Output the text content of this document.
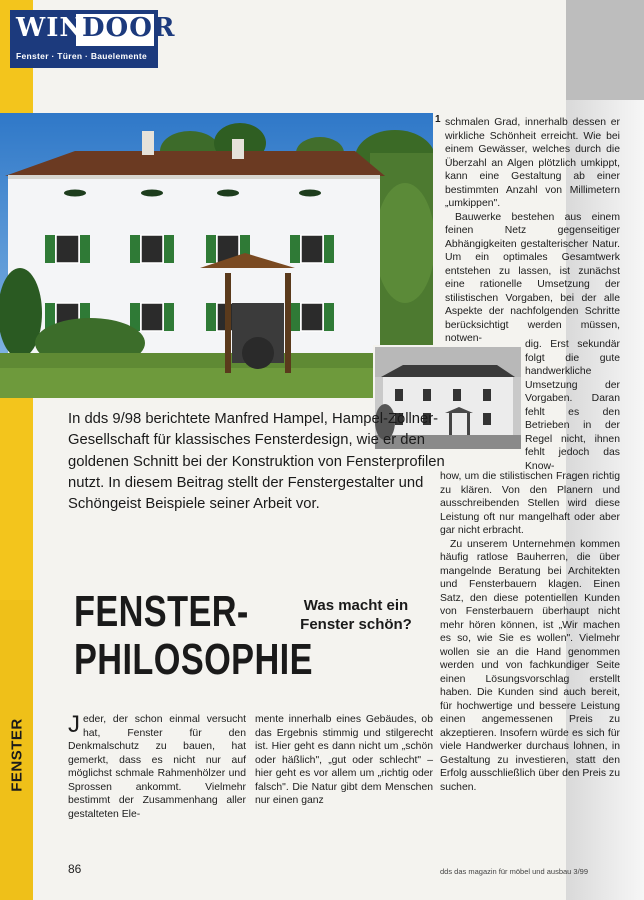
FENSTER
WIN
DOOR
Fenster · Türen · Bauelemente
In dds 9/98 berichtete Manfred Hampel, Hampel-Zöllner-Gesellschaft für klassisches Fensterdesign, wie er den goldenen Schnitt bei der Konstruktion von Fensterprofilen nutzt. In diesem Beitrag stellt der Fenstergestalter und Schöngeist Beispiele seiner Arbeit vor.
FENSTER-
PHILOSOPHIE
Was macht ein Fenster schön?

Jeder, der schon einmal versucht hat, Fenster für den Denkmalschutz zu bauen, hat gemerkt, dass es nicht nur auf möglichst schmale Rahmenhölzer und Sprossen ankommt. Vielmehr bestimmt der Zusammenhang aller gestalteten Ele-

mente innerhalb eines Gebäudes, ob das Ergebnis stimmig und stilgerecht ist. Hier geht es dann nicht um „schön oder häßlich", „gut oder schlecht" – hier geht es vor allem um „richtig oder falsch". Die Natur gibt dem Menschen nur einen ganz

1 schmalen Grad, innerhalb dessen er wirkliche Schönheit erreicht. Wie bei einem Gewässer, welches durch die Überzahl an Algen plötzlich umkippt, kann eine Gestaltung ab einer bestimmten Anzahl von Millimetern „umkippen".

Bauwerke bestehen aus einem feinen Netz gegenseitiger Abhängigkeiten gestalterischer Natur. Um ein optimales Gesamtwerk entstehen zu lassen, ist zunächst eine rationelle Umsetzung der stilistischen Vorgaben, bei der alle Aspekte der nachfolgenden Schritte berücksichtigt werden müssen, notwen-

dig. Erst sekundär folgt die gute handwerkliche Umsetzung der Vorgaben. Daran fehlt es den Betrieben in der Regel nicht, ihnen fehlt jedoch das Know-

how, um die stilistischen Fragen richtig zu klären. Von den Planern und ausschreibenden Stellen wird diese Leistung oft nur mangelhaft oder aber gar nicht erbracht.

Zu unserem Unternehmen kommen häufig ratlose Bauherren, die über mangelnde Beratung bei Architekten und Fensterbauern klagen. Einen Satz, den diese potentiellen Kunden von Fensterbauern überhaupt nicht mehr hören können, ist „Wir machen es so, wie Sie es wollen". Vielmehr wollen sie an die Hand genommen werden und von fachkundiger Seite einen Lösungsvorschlag erstellt haben. Die Kunden sind auch bereit, für hochwertige und bessere Leistung einen angemessenen Preis zu akzeptieren. Insofern würde es sich für viele Handwerker durchaus lohnen, in Gestaltung zu investieren, statt den Erfolg ausschließlich über den Preis zu suchen.

86	dds das magazin für möbel und ausbau 3/99
